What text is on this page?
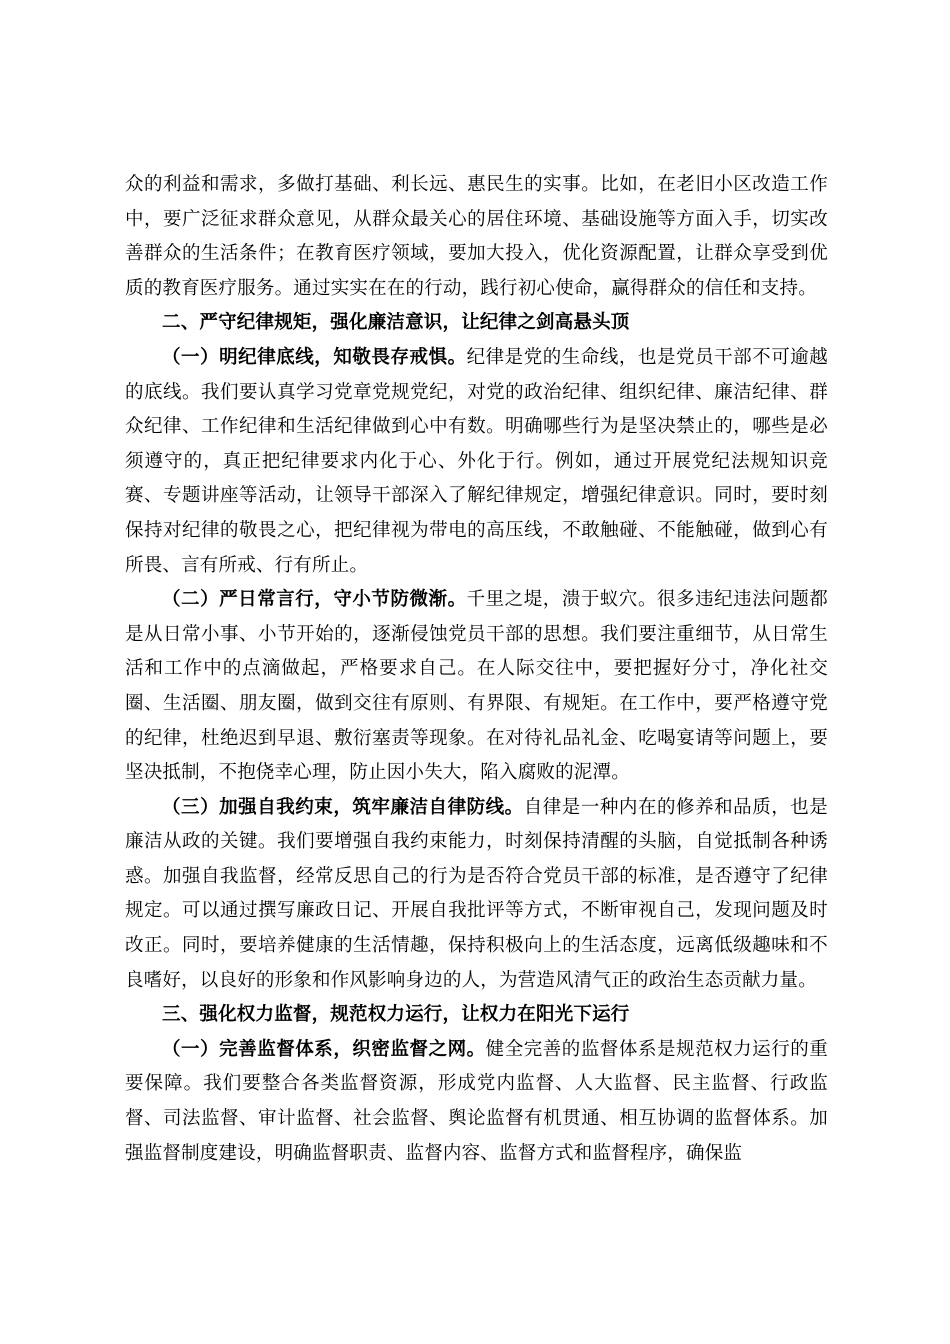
众的利益和需求，多做打基础、利长远、惠民生的实事。比如，在老旧小区改造工作中，要广泛征求群众意见，从群众最关心的居住环境、基础设施等方面入手，切实改善群众的生活条件；在教育医疗领域，要加大投入，优化资源配置，让群众享受到优质的教育医疗服务。通过实实在在的行动，践行初心使命，赢得群众的信任和支持。

二、严守纪律规矩，强化廉洁意识，让纪律之剑高悬头顶

（一）明纪律底线，知敬畏存戒惧。纪律是党的生命线，也是党员干部不可逾越的底线。我们要认真学习党章党规党纪，对党的政治纪律、组织纪律、廉洁纪律、群众纪律、工作纪律和生活纪律做到心中有数。明确哪些行为是坚决禁止的，哪些是必须遵守的，真正把纪律要求内化于心、外化于行。例如，通过开展党纪法规知识竞赛、专题讲座等活动，让领导干部深入了解纪律规定，增强纪律意识。同时，要时刻保持对纪律的敬畏之心，把纪律视为带电的高压线，不敢触碰、不能触碰，做到心有所畏、言有所戒、行有所止。

（二）严日常言行，守小节防微渐。千里之堤，溃于蚁穴。很多违纪违法问题都是从日常小事、小节开始的，逐渐侵蚀党员干部的思想。我们要注重细节，从日常生活和工作中的点滴做起，严格要求自己。在人际交往中，要把握好分寸，净化社交圈、生活圈、朋友圈，做到交往有原则、有界限、有规矩。在工作中，要严格遵守党的纪律，杜绝迟到早退、敷衍塞责等现象。在对待礼品礼金、吃喝宴请等问题上，要坚决抵制，不抱侥幸心理，防止因小失大，陷入腐败的泥潭。

（三）加强自我约束，筑牢廉洁自律防线。自律是一种内在的修养和品质，也是廉洁从政的关键。我们要增强自我约束能力，时刻保持清醒的头脑，自觉抵制各种诱惑。加强自我监督，经常反思自己的行为是否符合党员干部的标准，是否遵守了纪律规定。可以通过撰写廉政日记、开展自我批评等方式，不断审视自己，发现问题及时改正。同时，要培养健康的生活情趣，保持积极向上的生活态度，远离低级趣味和不良嗜好，以良好的形象和作风影响身边的人，为营造风清气正的政治生态贡献力量。

三、强化权力监督，规范权力运行，让权力在阳光下运行

（一）完善监督体系，织密监督之网。健全完善的监督体系是规范权力运行的重要保障。我们要整合各类监督资源，形成党内监督、人大监督、民主监督、行政监督、司法监督、审计监督、社会监督、舆论监督有机贯通、相互协调的监督体系。加强监督制度建设，明确监督职责、监督内容、监督方式和监督程序，确保监
